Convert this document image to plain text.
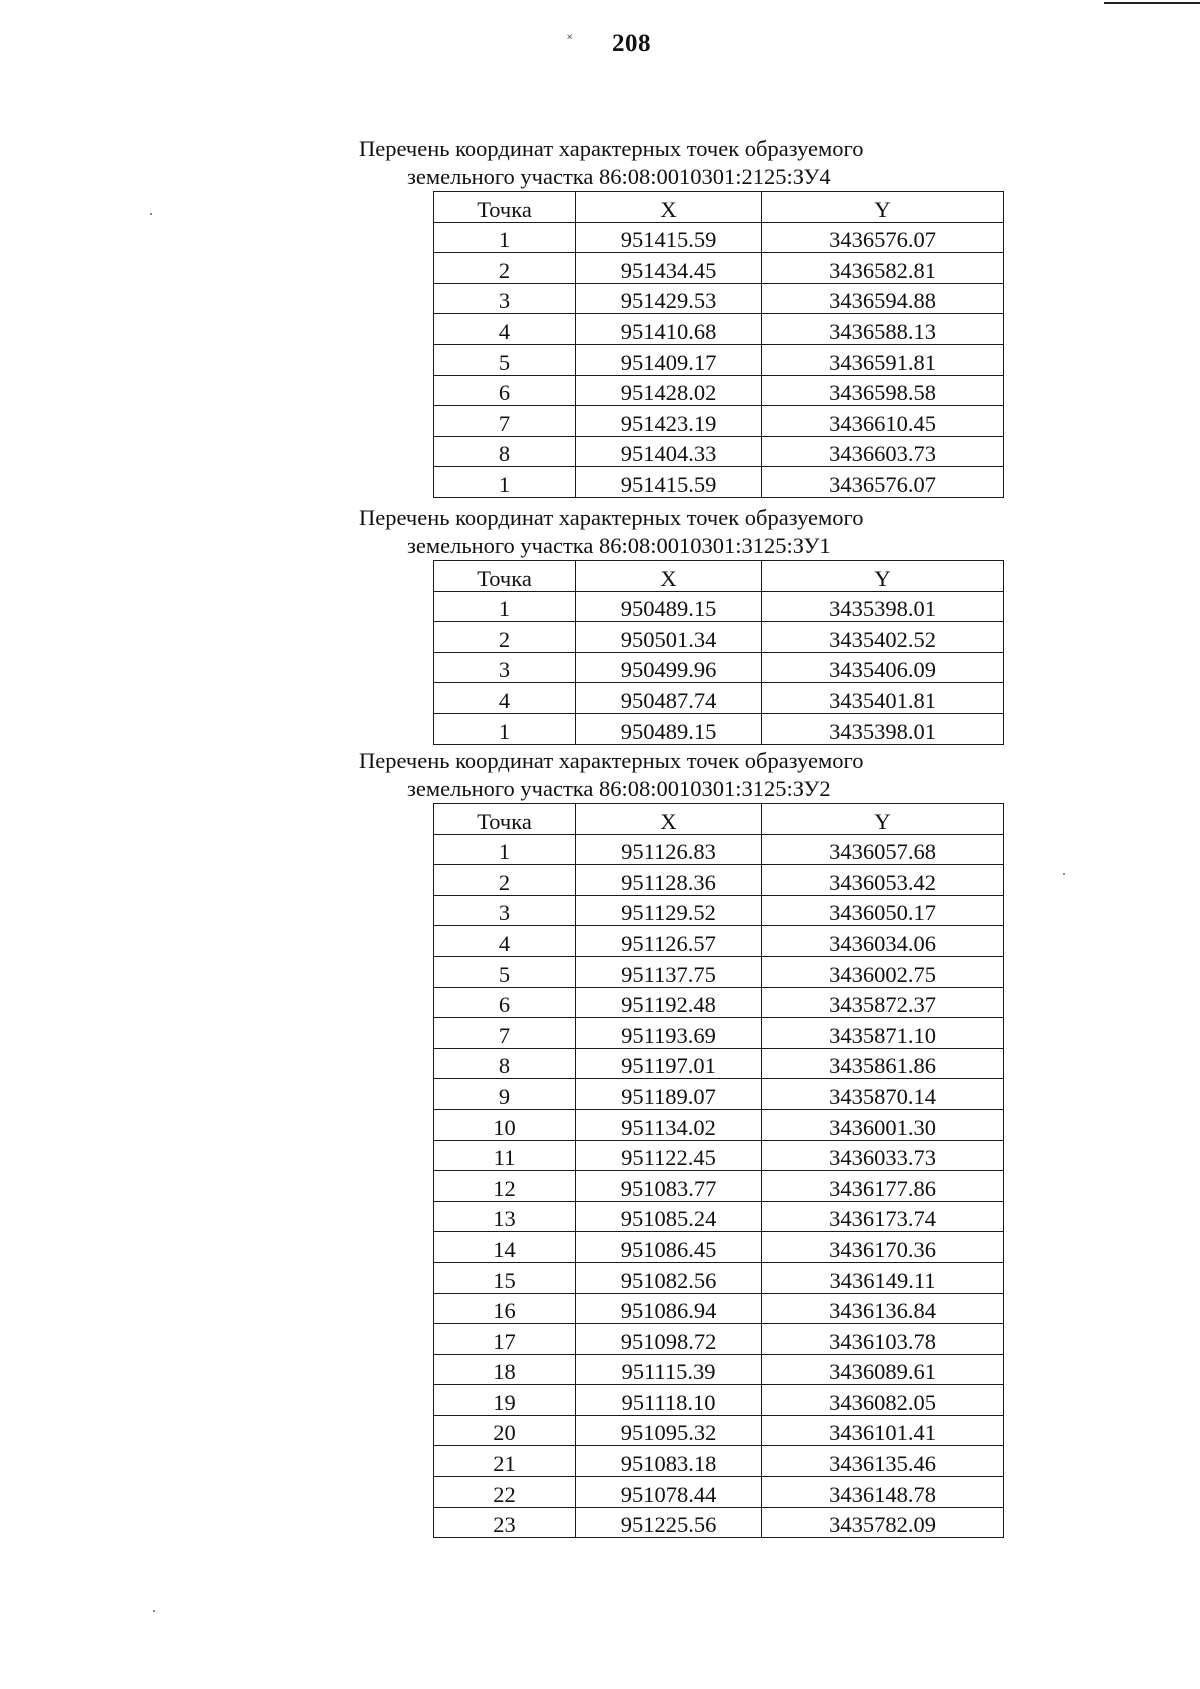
˟ 208
Перечень координат характерных точек образуемого
земельного участка 86:08:0010301:2125:ЗУ4
Точка	X	Y
1	951415.59	3436576.07
2	951434.45	3436582.81
3	951429.53	3436594.88
4	951410.68	3436588.13
5	951409.17	3436591.81
6	951428.02	3436598.58
7	951423.19	3436610.45
8	951404.33	3436603.73
1	951415.59	3436576.07
Перечень координат характерных точек образуемого
земельного участка 86:08:0010301:3125:ЗУ1
Точка	X	Y
1	950489.15	3435398.01
2	950501.34	3435402.52
3	950499.96	3435406.09
4	950487.74	3435401.81
1	950489.15	3435398.01
Перечень координат характерных точек образуемого
земельного участка 86:08:0010301:3125:ЗУ2
Точка	X	Y
1	951126.83	3436057.68
2	951128.36	3436053.42
3	951129.52	3436050.17
4	951126.57	3436034.06
5	951137.75	3436002.75
6	951192.48	3435872.37
7	951193.69	3435871.10
8	951197.01	3435861.86
9	951189.07	3435870.14
10	951134.02	3436001.30
11	951122.45	3436033.73
12	951083.77	3436177.86
13	951085.24	3436173.74
14	951086.45	3436170.36
15	951082.56	3436149.11
16	951086.94	3436136.84
17	951098.72	3436103.78
18	951115.39	3436089.61
19	951118.10	3436082.05
20	951095.32	3436101.41
21	951083.18	3436135.46
22	951078.44	3436148.78
23	951225.56	3435782.09
